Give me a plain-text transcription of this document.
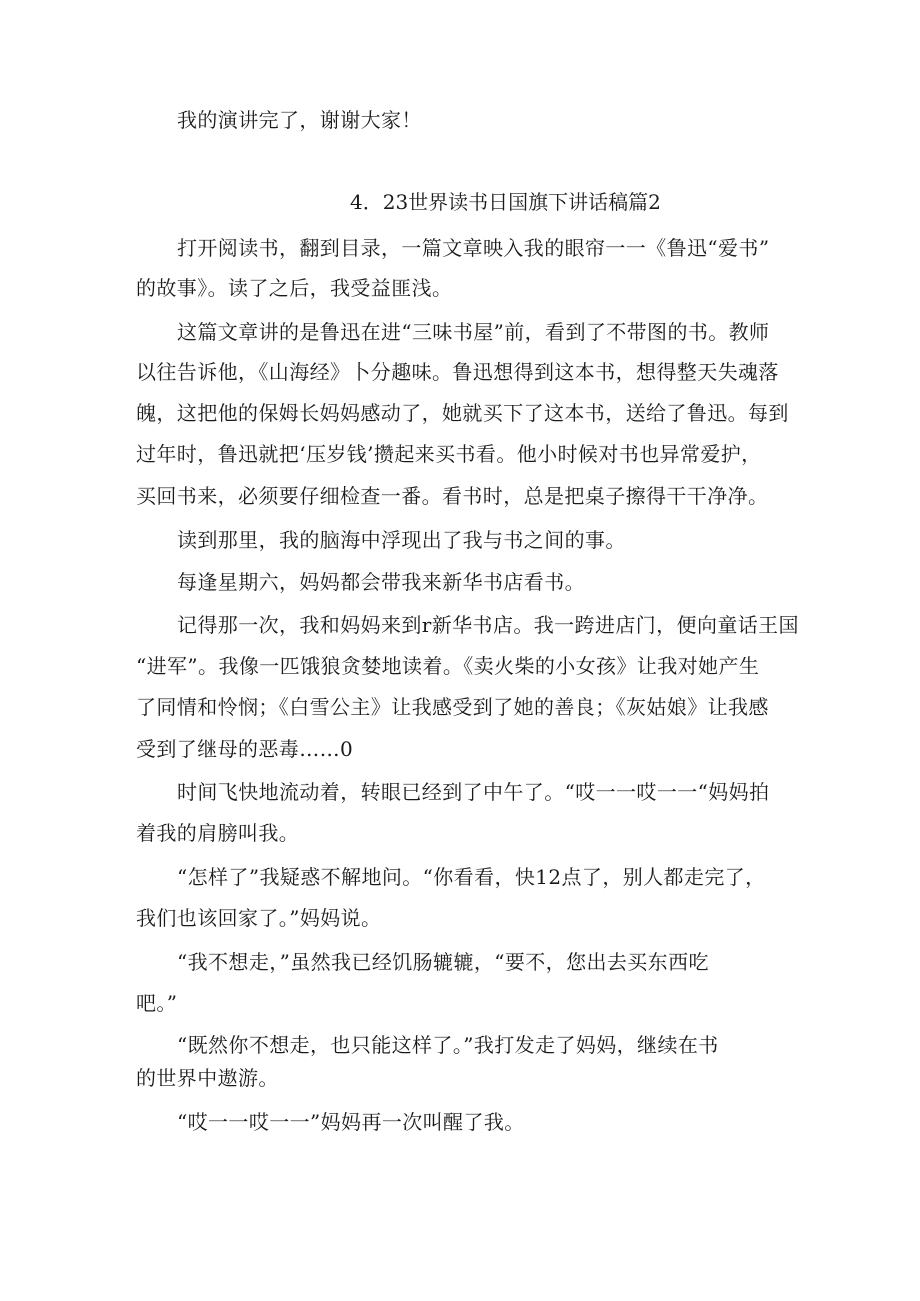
我的演讲完了，谢谢大家！
4．23世界读书日国旗下讲话稿篇2
打开阅读书，翻到目录，一篇文章映入我的眼帘一一《鲁迅“爱书”
的故事》。读了之后，我受益匪浅。
这篇文章讲的是鲁迅在进“三味书屋”前，看到了不带图的书。教师
以往告诉他，《山海经》卜分趣味。鲁迅想得到这本书，想得整天失魂落
魄，这把他的保姆长妈妈感动了，她就买下了这本书，送给了鲁迅。每到
过年时，鲁迅就把‘压岁钱’攒起来买书看。他小时候对书也异常爱护，
买回书来，必须要仔细检查一番。看书时，总是把桌子擦得干干净净。
读到那里，我的脑海中浮现出了我与书之间的事。
每逢星期六，妈妈都会带我来新华书店看书。
记得那一次，我和妈妈来到r新华书店。我一跨进店门，便向童话王国
“进军”。我像一匹饿狼贪婪地读着。《卖火柴的小女孩》让我对她产生
了同情和怜悯；《白雪公主》让我感受到了她的善良；《灰姑娘》让我感
受到了继母的恶毒……0
时间飞快地流动着，转眼已经到了中午了。“哎一一哎一一“妈妈拍
着我的肩膀叫我。
“怎样了”我疑惑不解地问。“你看看，快12点了，别人都走完了，
我们也该回家了。”妈妈说。
“我不想走，”虽然我已经饥肠辘辘，“要不，您出去买东西吃
吧。”
“既然你不想走，也只能这样了。”我打发走了妈妈，继续在书
的世界中遨游。
“哎一一哎一一”妈妈再一次叫醒了我。
